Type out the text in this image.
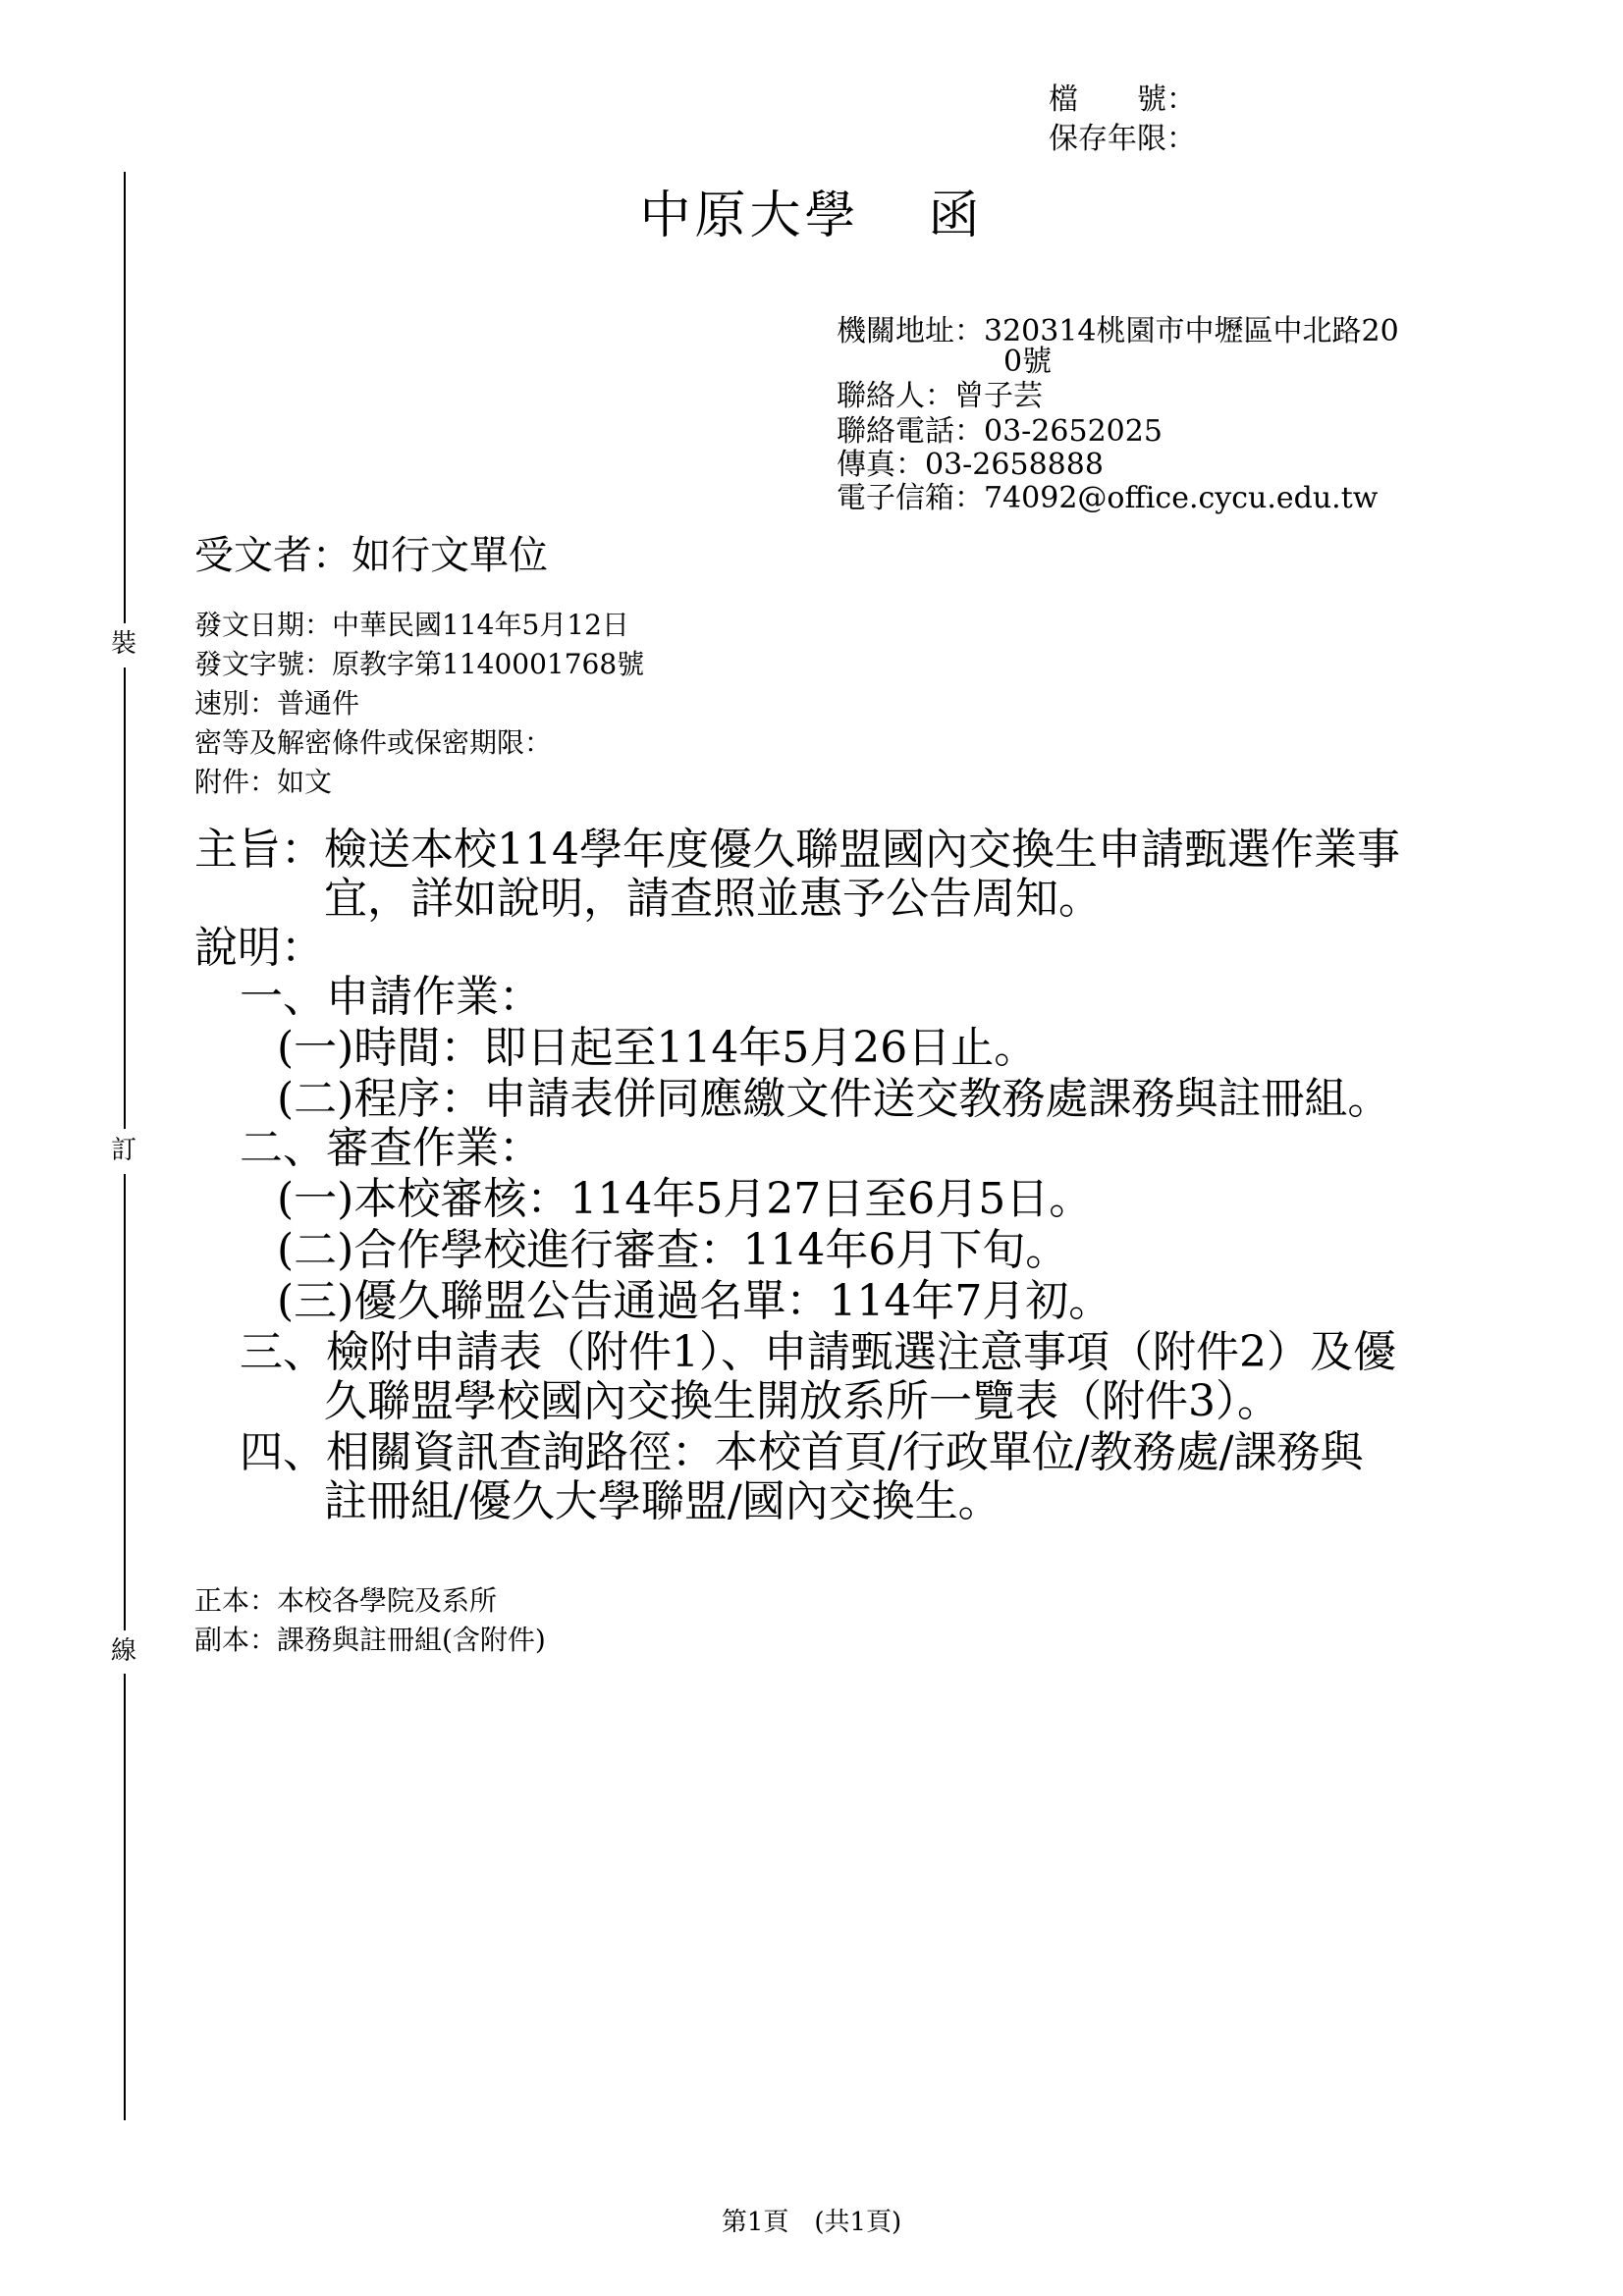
裝
訂
線
檔　　號：
保存年限：
中原大學 函
機關地址：320314桃園市中壢區中北路20
0號
聯絡人：曾子芸
聯絡電話：03-2652025
傳真：03-2658888
電子信箱：74092@office.cycu.edu.tw
受文者：如行文單位
發文日期：中華民國114年5月12日
發文字號：原教字第1140001768號
速別：普通件
密等及解密條件或保密期限：
附件：如文
主旨：檢送本校114學年度優久聯盟國內交換生申請甄選作業事
宜，詳如說明，請查照並惠予公告周知。
說明：
一、申請作業：
(一)時間：即日起至114年5月26日止。
(二)程序：申請表併同應繳文件送交教務處課務與註冊組。
二、審查作業：
(一)本校審核：114年5月27日至6月5日。
(二)合作學校進行審查：114年6月下旬。
(三)優久聯盟公告通過名單：114年7月初。
三、檢附申請表（附件1）、申請甄選注意事項（附件2）及優
久聯盟學校國內交換生開放系所一覽表（附件3）。
四、相關資訊查詢路徑：本校首頁/行政單位/教務處/課務與
註冊組/優久大學聯盟/國內交換生。
正本：本校各學院及系所
副本：課務與註冊組(含附件)
第1頁　(共1頁)
